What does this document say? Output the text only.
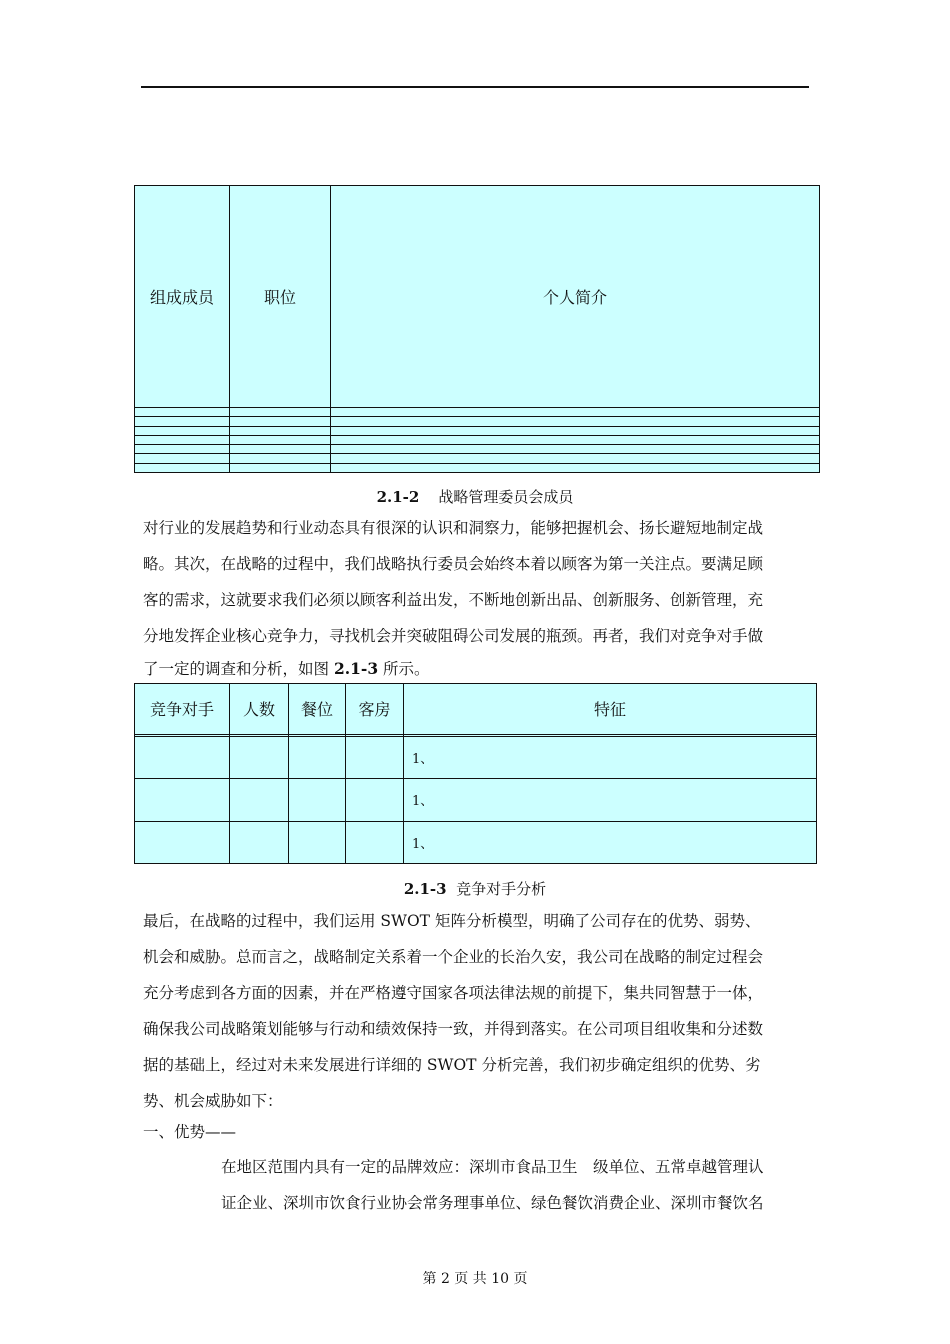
组成成员	职位	个人简介

2.1-2 战略管理委员会成员
对行业的发展趋势和行业动态具有很深的认识和洞察力，能够把握机会、扬长避短地制定战
略。其次，在战略的过程中，我们战略执行委员会始终本着以顾客为第一关注点。要满足顾
客的需求，这就要求我们必须以顾客利益出发，不断地创新出品、创新服务、创新管理，充
分地发挥企业核心竞争力，寻找机会并突破阻碍公司发展的瓶颈。再者，我们对竞争对手做
了一定的调查和分析，如图 2.1-3 所示。
竞争对手	人数	餐位	客房	特征

				1、
				1、
				1、
2.1-3 竞争对手分析
最后，在战略的过程中，我们运用 SWOT 矩阵分析模型，明确了公司存在的优势、弱势、
机会和威胁。总而言之，战略制定关系着一个企业的长治久安，我公司在战略的制定过程会
充分考虑到各方面的因素，并在严格遵守国家各项法律法规的前提下，集共同智慧于一体，
确保我公司战略策划能够与行动和绩效保持一致，并得到落实。在公司项目组收集和分述数
据的基础上，经过对未来发展进行详细的 SWOT 分析完善，我们初步确定组织的优势、劣
势、机会威胁如下：
一、优势——
在地区范围内具有一定的品牌效应：深圳市食品卫生　级单位、五常卓越管理认
证企业、深圳市饮食行业协会常务理事单位、绿色餐饮消费企业、深圳市餐饮名
第 2 页 共 10 页
